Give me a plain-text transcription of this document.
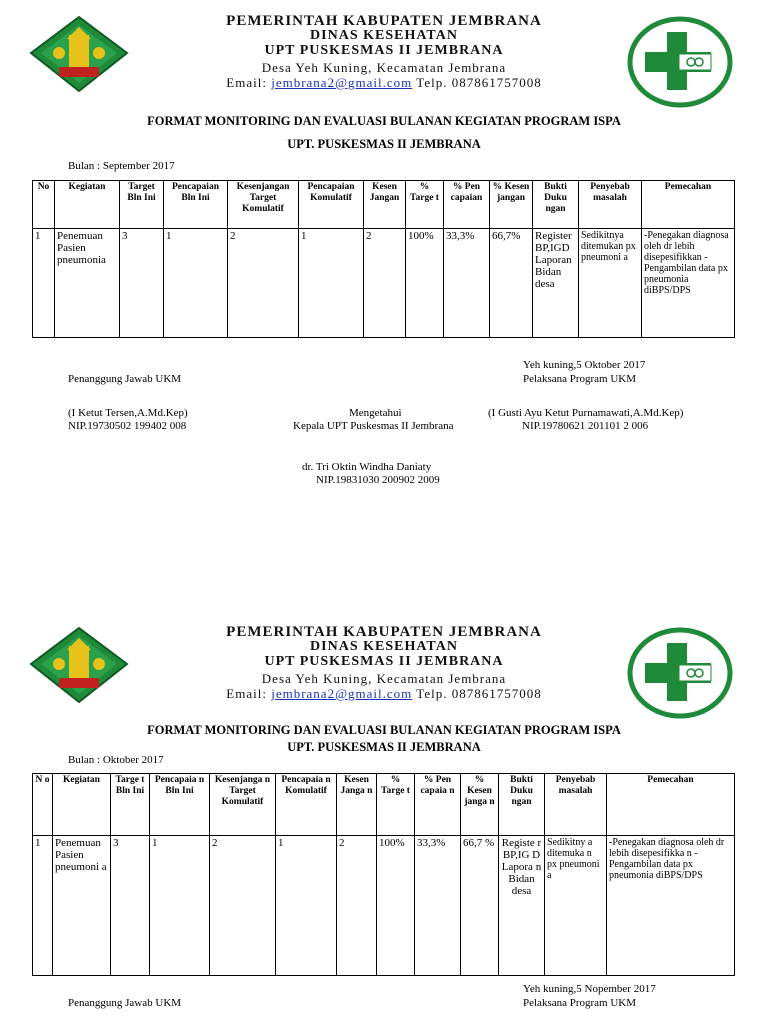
PEMERINTAH KABUPATEN JEMBRANA
DINAS KESEHATAN
UPT PUSKESMAS II JEMBRANA
Desa Yeh Kuning, Kecamatan Jembrana
Email: jembrana2@gmail.com Telp. 087861757008
FORMAT MONITORING DAN EVALUASI BULANAN KEGIATAN PROGRAM ISPA
UPT. PUSKESMAS II JEMBRANA
Bulan : September 2017
No	Kegiatan	Target Bln Ini	Pencapaian Bln Ini	Kesenjangan Target Komulatif	Pencapaian Komulatif	Kesen Jangan	% Targe t	% Pen capaian	% Kesen jangan	Bukti Duku ngan	Penyebab masalah	Pemecahan
1	Penemuan Pasien pneumonia	3	1	2	1	2	100%	33,3%	66,7%	Register BP,IGD Laporan Bidan desa	Sedikitnya ditemukan px pneumoni a	-Penegakan diagnosa oleh dr lebih disepesifikkan -Pengambilan data px pneumonia diBPS/DPS
Yeh kuning,5 Oktober 2017
Penanggung Jawab UKM	Pelaksana Program UKM
(I Ketut Tersen,A.Md.Kep)
NIP.19730502 199402 008
Mengetahui
Kepala UPT Puskesmas II Jembrana
(I Gusti Ayu Ketut Purnamawati,A.Md.Kep)
NIP.19780621 201101 2 006
dr. Tri Oktin Windha Daniaty
NIP.19831030 200902 2009
PEMERINTAH KABUPATEN JEMBRANA
DINAS KESEHATAN
UPT PUSKESMAS II JEMBRANA
Desa Yeh Kuning, Kecamatan Jembrana
Email: jembrana2@gmail.com Telp. 087861757008
FORMAT MONITORING DAN EVALUASI BULANAN KEGIATAN PROGRAM ISPA
UPT. PUSKESMAS II JEMBRANA
Bulan : Oktober 2017
N o	Kegiatan	Targe t Bln Ini	Pencapaia n Bln Ini	Kesenjanga n Target Komulatif	Pencapaia n Komulatif	Kesen Janga n	% Targe t	% Pen capaia n	% Kesen janga n	Bukti Duku ngan	Penyebab masalah	Pemecahan
1	Penemuan Pasien pneumoni a	3	1	2	1	2	100%	33,3%	66,7 %	Registe r BP,IG D Lapora n Bidan desa	Sedikitny a ditemuka n px pneumoni a	-Penegakan diagnosa oleh dr lebih disepesifikka n -Pengambilan data px pneumonia diBPS/DPS
Yeh kuning,5 Nopember 2017
Penanggung Jawab UKM	Pelaksana Program UKM
